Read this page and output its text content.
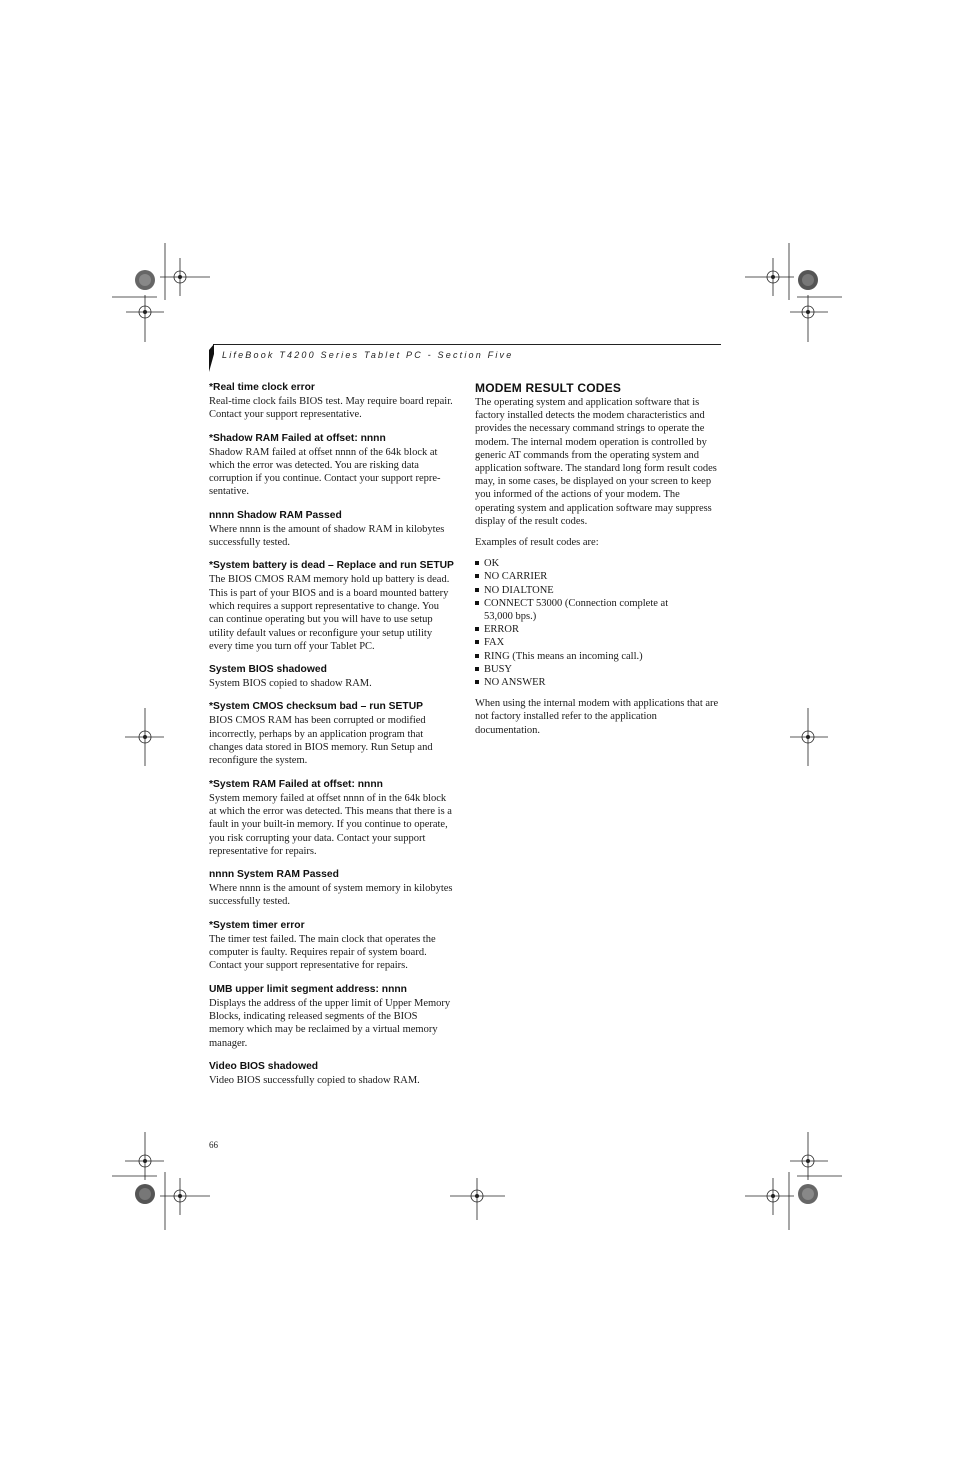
LifeBook T4200 Series Tablet PC - Section Five

*Real time clock error

Real-time clock fails BIOS test. May require board repair. Contact your support representative.

*Shadow RAM Failed at offset: nnnn

Shadow RAM failed at offset nnnn of the 64k block at which the error was detected. You are risking data corruption if you continue. Contact your support repre-sentative.

nnnn Shadow RAM Passed

Where nnnn is the amount of shadow RAM in kilobytes successfully tested.

*System battery is dead – Replace and run SETUP

The BIOS CMOS RAM memory hold up battery is dead. This is part of your BIOS and is a board mounted battery which requires a support representative to change. You can continue operating but you will have to use setup utility default values or reconfigure your setup utility every time you turn off your Tablet PC.

System BIOS shadowed

System BIOS copied to shadow RAM.

*System CMOS checksum bad – run SETUP

BIOS CMOS RAM has been corrupted or modified incorrectly, perhaps by an application program that changes data stored in BIOS memory. Run Setup and reconfigure the system.

*System RAM Failed at offset: nnnn

System memory failed at offset nnnn of in the 64k block at which the error was detected. This means that there is a fault in your built-in memory. If you continue to operate, you risk corrupting your data. Contact your support representative for repairs.

nnnn System RAM Passed

Where nnnn is the amount of system memory in kilobytes successfully tested.

*System timer error

The timer test failed. The main clock that operates the computer is faulty. Requires repair of system board. Contact your support representative for repairs.

UMB upper limit segment address: nnnn

Displays the address of the upper limit of Upper Memory Blocks, indicating released segments of the BIOS memory which may be reclaimed by a virtual memory manager.

Video BIOS shadowed

Video BIOS successfully copied to shadow RAM.

MODEM RESULT CODES

The operating system and application software that is factory installed detects the modem characteristics and provides the necessary command strings to operate the modem. The internal modem operation is controlled by generic AT commands from the operating system and application software. The standard long form result codes may, in some cases, be displayed on your screen to keep you informed of the actions of your modem. The operating system and application software may suppress display of the result codes.

Examples of result codes are:

OK
NO CARRIER
NO DIALTONE
CONNECT 53000 (Connection complete at 53,000 bps.)
ERROR
FAX
RING (This means an incoming call.)
BUSY
NO ANSWER

When using the internal modem with applications that are not factory installed refer to the application documentation.

66
